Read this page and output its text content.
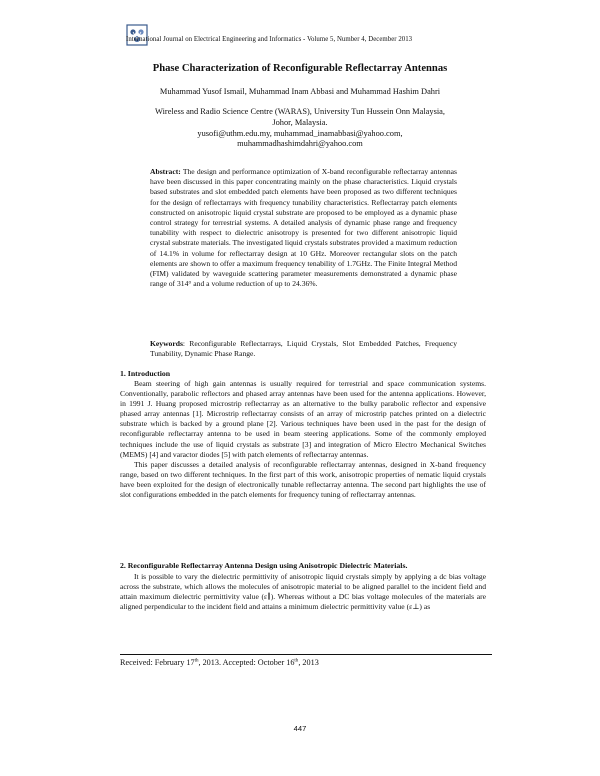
International Journal on Electrical Engineering and Informatics - Volume 5, Number 4, December 2013
Phase Characterization of Reconfigurable Reflectarray Antennas
Muhammad Yusof Ismail, Muhammad Inam Abbasi and Muhammad Hashim Dahri
Wireless and Radio Science Centre (WARAS), University Tun Hussein Onn Malaysia,
Johor, Malaysia.
yusofi@uthm.edu.my, muhammad_inamabbasi@yahoo.com,
muhammadhashimdahri@yahoo.com
Abstract: The design and performance optimization of X-band reconfigurable reflectarray antennas have been discussed in this paper concentrating mainly on the phase characteristics. Liquid crystals based substrates and slot embedded patch elements have been proposed as two different techniques for the design of reflectarrays with frequency tunability characteristics. Reflectarray patch elements constructed on anisotropic liquid crystal substrate are proposed to be employed as a dynamic phase control strategy for terrestrial systems. A detailed analysis of dynamic phase range and frequency tunability with respect to dielectric anisotropy is presented for two different anisotropic liquid crystal substrate materials. The investigated liquid crystals substrates provided a maximum reduction of 14.1% in volume for reflectarray design at 10 GHz. Moreover rectangular slots on the patch elements are shown to offer a maximum frequency tenability of 1.7GHz. The Finite Integral Method (FIM) validated by waveguide scattering parameter measurements demonstrated a dynamic phase range of 314° and a volume reduction of up to 24.36%.
Keywords: Reconfigurable Reflectarrays, Liquid Crystals, Slot Embedded Patches, Frequency Tunability, Dynamic Phase Range.
1. Introduction

Beam steering of high gain antennas is usually required for terrestrial and space communication systems. Conventionally, parabolic reflectors and phased array antennas have been used for the antenna applications. However, in 1991 J. Huang proposed microstrip reflectarray as an alternative to the bulky parabolic reflector and expensive phased array antennas [1]. Microstrip reflectarray consists of an array of microstrip patches printed on a dielectric substrate which is backed by a ground plane [2]. Various techniques have been used in the past for the design of reconfigurable reflectarray antenna to be used in beam steering applications. Some of the commonly employed techniques include the use of liquid crystals as substrate [3] and integration of Micro Electro Mechanical Switches (MEMS) [4] and varactor diodes [5] with patch elements of reflectarray antennas.

This paper discusses a detailed analysis of reconfigurable reflectarray antennas, designed in X-band frequency range, based on two different techniques. In the first part of this work, anisotropic properties of nematic liquid crystals have been exploited for the design of electronically tunable reflectarray antenna. The second part highlights the use of slot configurations embedded in the patch elements for frequency tuning of reflectarray antennas.

2. Reconfigurable Reflectarray Antenna Design using Anisotropic Dielectric Materials.

It is possible to vary the dielectric permittivity of anisotropic liquid crystals simply by applying a dc bias voltage across the substrate, which allows the molecules of anisotropic material to be aligned parallel to the incident field and attain maximum dielectric permittivity value (ε∥). Whereas without a DC bias voltage molecules of the materials are aligned perpendicular to the incident field and attains a minimum dielectric permittivity value (ε⊥) as

Received: February 17th, 2013. Accepted: October 16th, 2013
447
